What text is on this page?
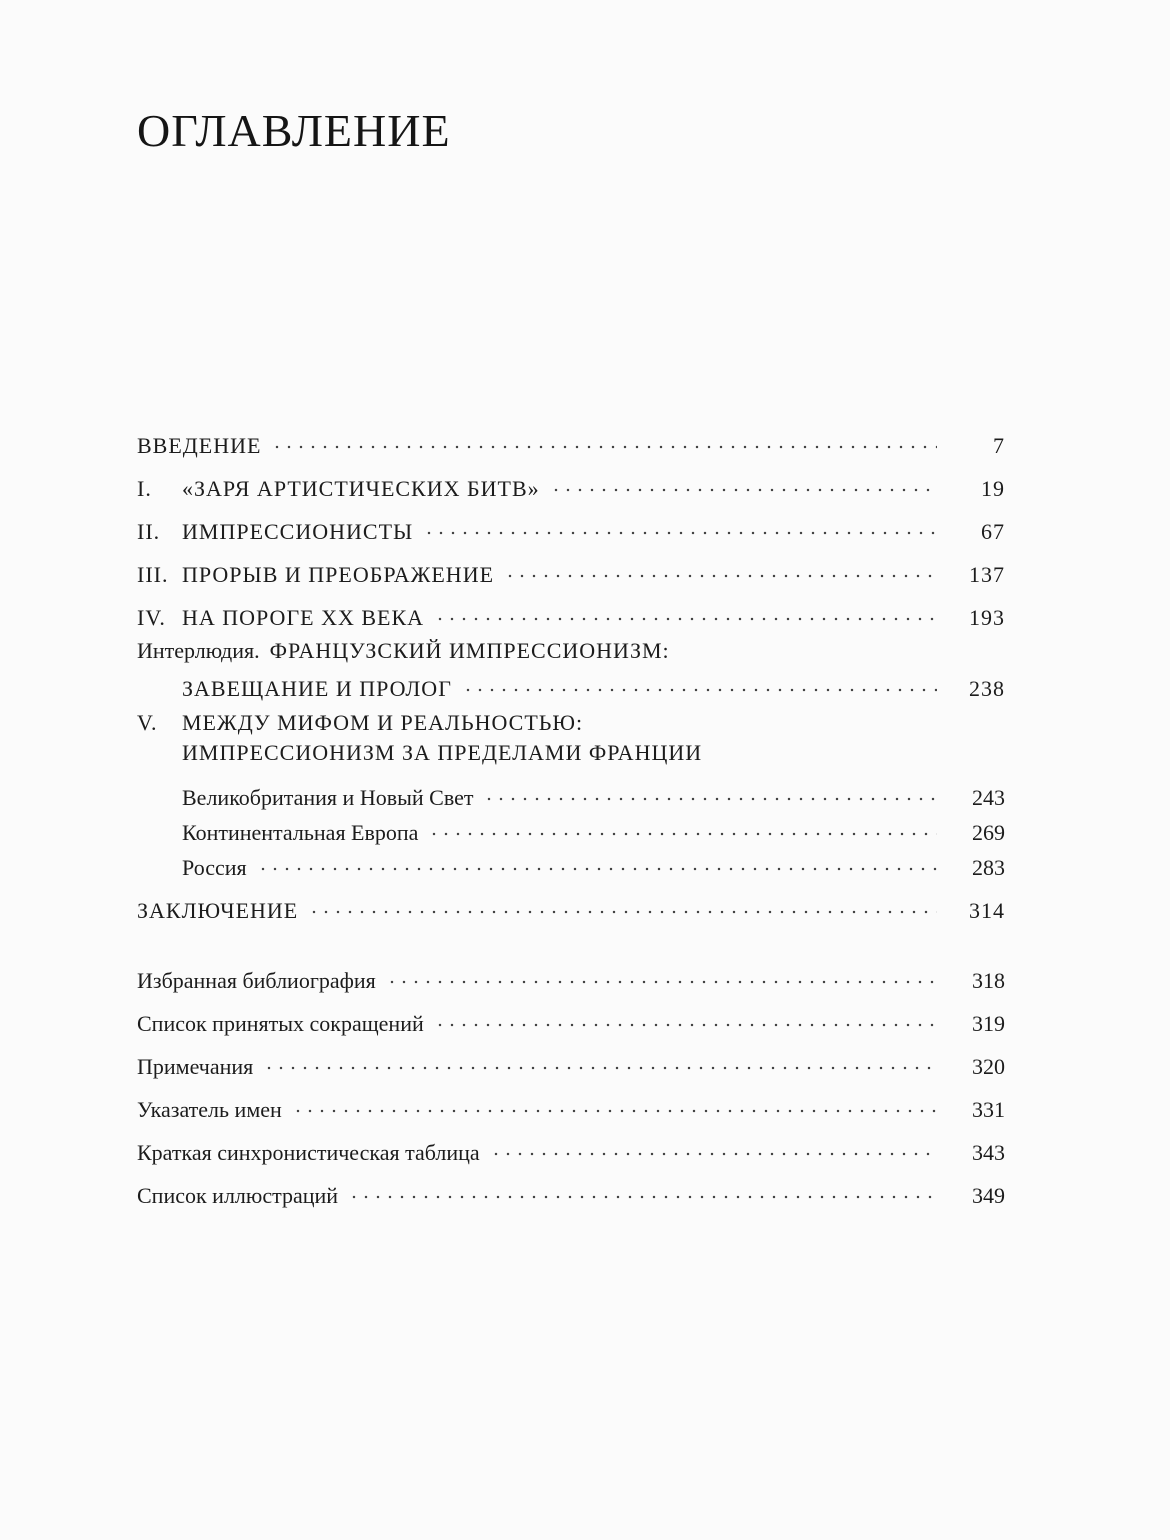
ОГЛАВЛЕНИЕ
ВВЕДЕНИЕ	7
I.	«ЗАРЯ АРТИСТИЧЕСКИХ БИТВ»	19
II. ИМПРЕССИОНИСТЫ	67
III. ПРОРЫВ И ПРЕОБРАЖЕНИЕ	137
IV. НА ПОРОГЕ XX ВЕКА	193
Интерлюдия. ФРАНЦУЗСКИЙ ИМПРЕССИОНИЗМ:
ЗАВЕЩАНИЕ И ПРОЛОГ	238
V.	МЕЖДУ МИФОМ И РЕАЛЬНОСТЬЮ:
ИМПРЕССИОНИЗМ ЗА ПРЕДЕЛАМИ ФРАНЦИИ
Великобритания и Новый Свет	243
Континентальная Европа	269
Россия	283
ЗАКЛЮЧЕНИЕ	314
Избранная библиография	318
Список принятых сокращений	319
Примечания	320
Указатель имен	331
Краткая синхронистическая таблица	343
Список иллюстраций	349
